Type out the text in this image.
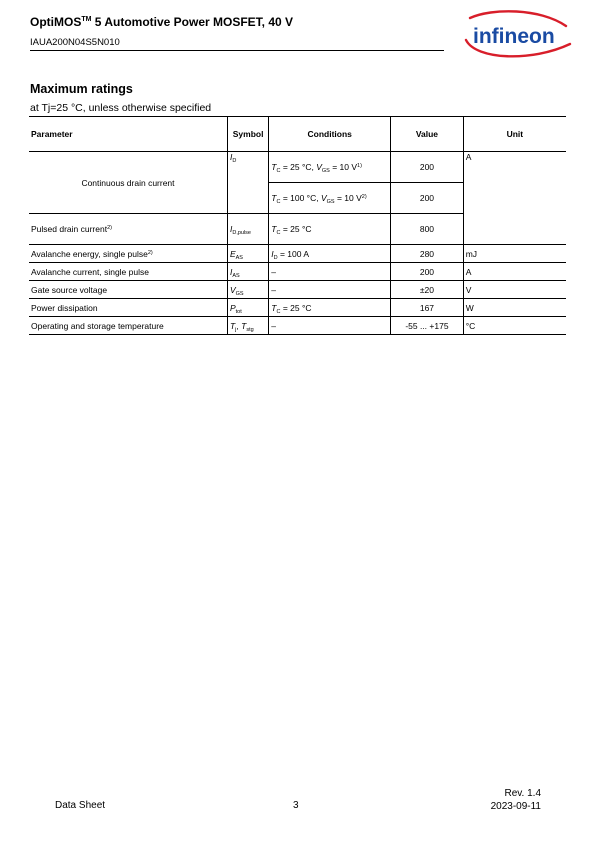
OptiMOS™ 5 Automotive Power MOSFET, 40 V
IAUA200N04S5N010	infineon
Maximum ratings
at Tj=25 °C, unless otherwise specified
Parameter	Symbol	Conditions	Value	Unit
Continuous drain current	$I_D$	$T_C = 25$ °C, $V_{GS} = 10$ $V^{1)}$	200	A
		$T_C = 100$ °C, $V_{GS} = 10$ $V^{2)}$	200	
Pulsed drain current$^{2)}$	$I_{D,pulse}$	$T_C = 25$ °C	800	
Avalanche energy, single pulse$^{2)}$	$E_{AS}$	$I_D = 100$ A	280	mJ
Avalanche current, single pulse	$I_{AS}$	–	200	A
Gate source voltage	$V_{GS}$	–	±20	V
Power dissipation	$P_{tot}$	$T_C = 25$ °C	167	W
Operating and storage temperature	$T_j$, $T_{stg}$	–	-55 ... +175	°C
Data Sheet	3
Rev. 1.4
2023-09-11
